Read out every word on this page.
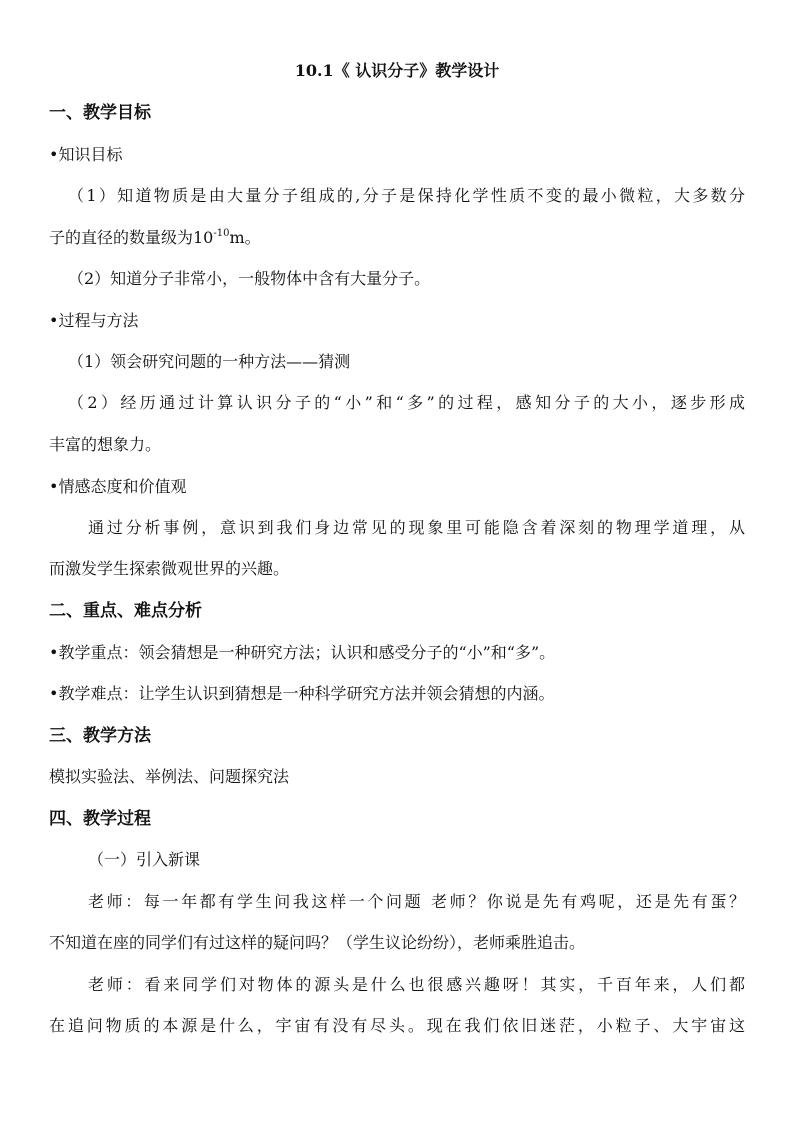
10.1《 认识分子》教学设计
一、教学目标
•知识目标
（1）知道物质是由大量分子组成的,分子是保持化学性质不变的最小微粒，大多数分
子的直径的数量级为$10^{-10}m$。
（2）知道分子非常小，一般物体中含有大量分子。
•过程与方法
（1）领会研究问题的一种方法——猜测
（2）经历通过计算认识分子的“小”和“多”的过程，感知分子的大小，逐步形成
丰富的想象力。
•情感态度和价值观
通过分析事例，意识到我们身边常见的现象里可能隐含着深刻的物理学道理，从
而激发学生探索微观世界的兴趣。
二、重点、难点分析
•教学重点：领会猜想是一种研究方法；认识和感受分子的“小”和“多”。
•教学难点：让学生认识到猜想是一种科学研究方法并领会猜想的内涵。
三、教学方法
模拟实验法、举例法、问题探究法
四、教学过程
（一）引入新课
老师：每一年都有学生问我这样一个问题 老师？你说是先有鸡呢，还是先有蛋？
不知道在座的同学们有过这样的疑问吗？（学生议论纷纷），老师乘胜追击。
老师：看来同学们对物体的源头是什么也很感兴趣呀！其实，千百年来，人们都
在追问物质的本源是什么，宇宙有没有尽头。现在我们依旧迷茫，小粒子、大宇宙这
